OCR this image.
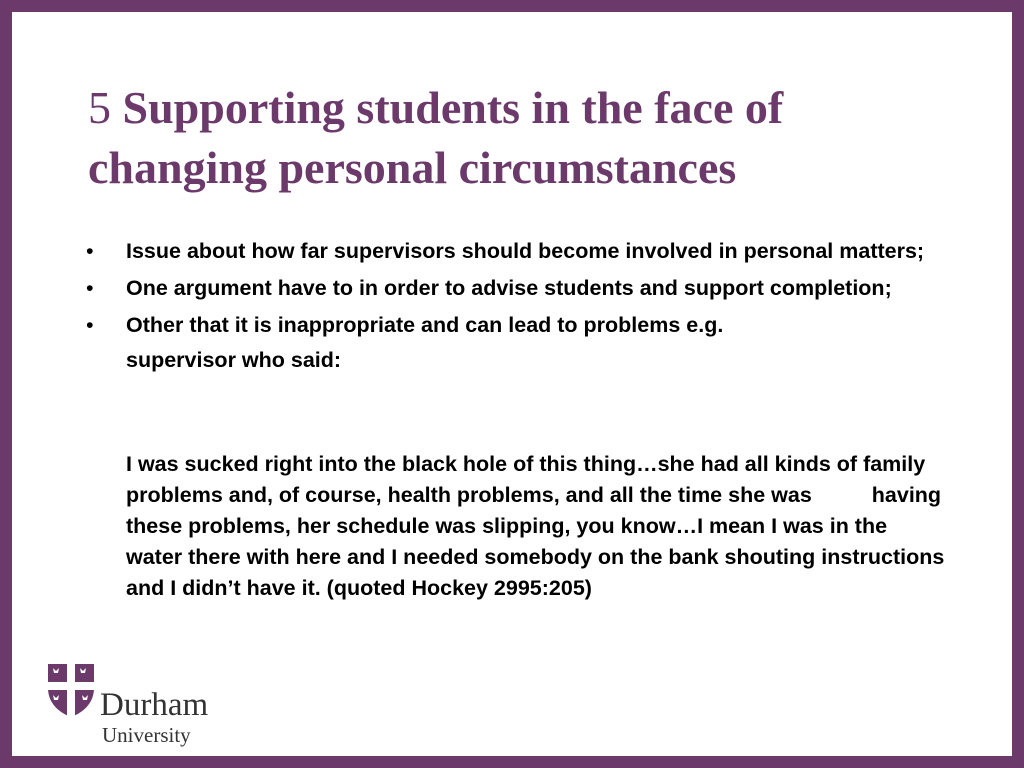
5 Supporting students in the face of changing personal circumstances
• Issue about how far supervisors should become involved in personal matters;
• One argument have to in order to advise students and support completion;
• Other that it is inappropriate and can lead to problems e.g.
supervisor who said:

I was sucked right into the black hole of this thing…she had all kinds of family problems and, of course, health problems, and all the time she was	having these problems, her schedule was slipping, you know…I mean I was in the water there with here and I needed somebody on the bank shouting instructions and I didn’t have it. (quoted Hockey 2995:205)

Durham
University
